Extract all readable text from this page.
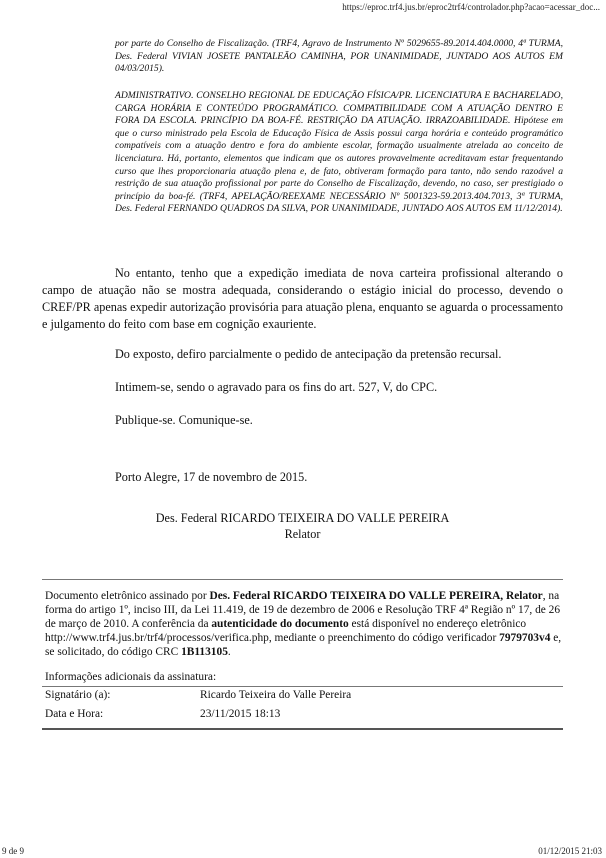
https://eproc.trf4.jus.br/eproc2trf4/controlador.php?acao=acessar_doc...

por parte do Conselho de Fiscalização. (TRF4, Agravo de Instrumento Nº 5029655-89.2014.404.0000, 4ª TURMA, Des. Federal VIVIAN JOSETE PANTALEÃO CAMINHA, POR UNANIMIDADE, JUNTADO AOS AUTOS EM 04/03/2015).

ADMINISTRATIVO. CONSELHO REGIONAL DE EDUCAÇÃO FÍSICA/PR. LICENCIATURA E BACHARELADO, CARGA HORÁRIA E CONTEÚDO PROGRAMÁTICO. COMPATIBILIDADE COM A ATUAÇÃO DENTRO E FORA DA ESCOLA. PRINCÍPIO DA BOA-FÉ. RESTRIÇÃO DA ATUAÇÃO. IRRAZOABILIDADE. Hipótese em que o curso ministrado pela Escola de Educação Física de Assis possui carga horária e conteúdo programático compatíveis com a atuação dentro e fora do ambiente escolar, formação usualmente atrelada ao conceito de licenciatura. Há, portanto, elementos que indicam que os autores provavelmente acreditavam estar frequentando curso que lhes proporcionaria atuação plena e, de fato, obtiveram formação para tanto, não sendo razoável a restrição de sua atuação profissional por parte do Conselho de Fiscalização, devendo, no caso, ser prestigiado o princípio da boa-fé. (TRF4, APELAÇÃO/REEXAME NECESSÁRIO Nº 5001323-59.2013.404.7013, 3ª TURMA, Des. Federal FERNANDO QUADROS DA SILVA, POR UNANIMIDADE, JUNTADO AOS AUTOS EM 11/12/2014).

No entanto, tenho que a expedição imediata de nova carteira profissional alterando o campo de atuação não se mostra adequada, considerando o estágio inicial do processo, devendo o CREF/PR apenas expedir autorização provisória para atuação plena, enquanto se aguarda o processamento e julgamento do feito com base em cognição exauriente.

Do exposto, defiro parcialmente o pedido de antecipação da pretensão recursal.

Intimem-se, sendo o agravado para os fins do art. 527, V, do CPC.

Publique-se. Comunique-se.

Porto Alegre, 17 de novembro de 2015.

Des. Federal RICARDO TEIXEIRA DO VALLE PEREIRA

Relator

Documento eletrônico assinado por Des. Federal RICARDO TEIXEIRA DO VALLE PEREIRA, Relator, na forma do artigo 1º, inciso III, da Lei 11.419, de 19 de dezembro de 2006 e Resolução TRF 4ª Região nº 17, de 26 de março de 2010. A conferência da autenticidade do documento está disponível no endereço eletrônico http://www.trf4.jus.br/trf4/processos/verifica.php, mediante o preenchimento do código verificador 7979703v4 e, se solicitado, do código CRC 1B113105.

Informações adicionais da assinatura:

Signatário (a):	Ricardo Teixeira do Valle Pereira

Data e Hora:	23/11/2015 18:13

9 de 9	01/12/2015 21:03
